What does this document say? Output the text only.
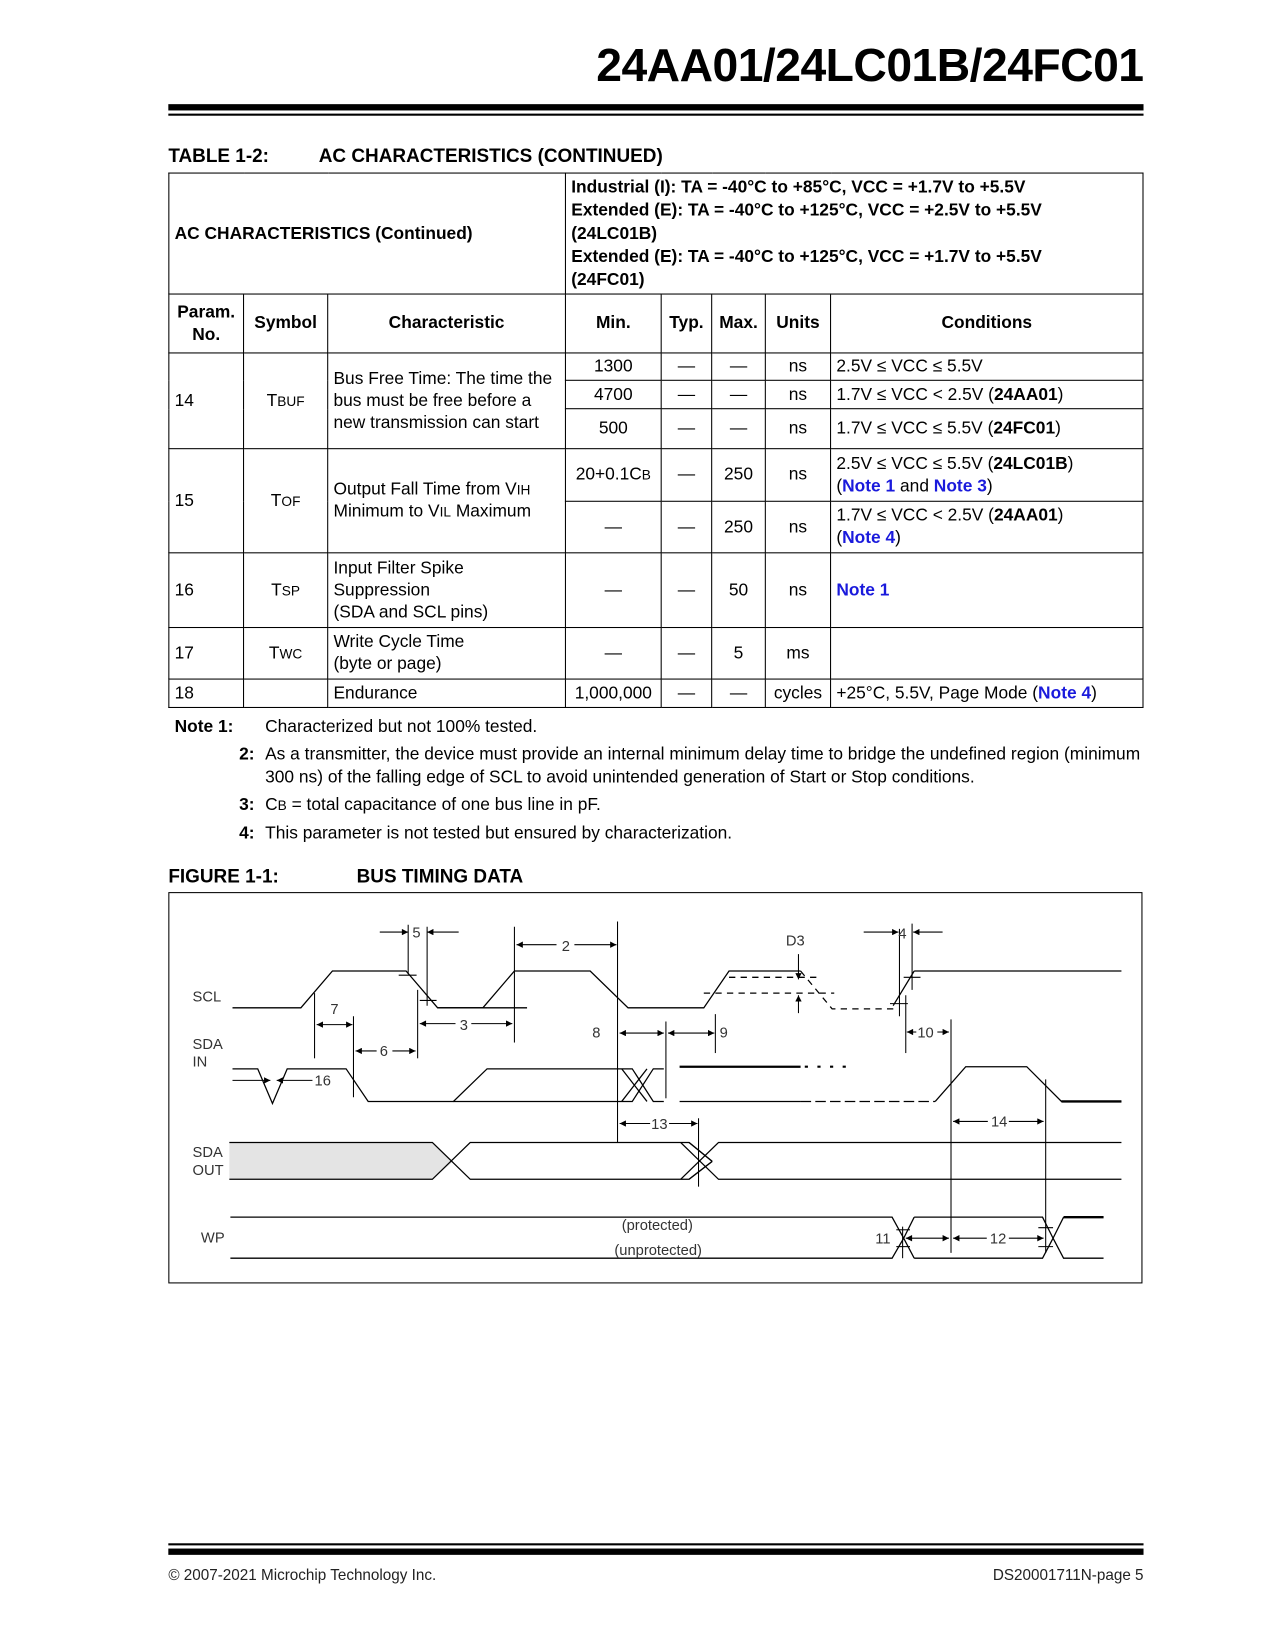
24AA01/24LC01B/24FC01
TABLE 1-2:	AC CHARACTERISTICS (CONTINUED)
AC CHARACTERISTICS (Continued)			Industrial (I): TA = -40°C to +85°C, VCC = +1.7V to +5.5V
Extended (E): TA = -40°C to +125°C, VCC = +2.5V to +5.5V
(24LC01B)
Extended (E): TA = -40°C to +125°C, VCC = +1.7V to +5.5V
(24FC01)				

Param.
No.	Symbol	Characteristic	Min.	Typ.	Max.	Units	Conditions
14	TBUF	Bus Free Time: The time the bus must be free before a new transmission can start	1300	—	—	ns	2.5V ≤ VCC ≤ 5.5V
			4700	—	—	ns	1.7V ≤ VCC < 2.5V (24AA01)
			500	—	—	ns	1.7V ≤ VCC ≤ 5.5V (24FC01)
15	TOF	Output Fall Time from VIH
Minimum to VIL Maximum	20+0.1CB	—	250	ns	2.5V ≤ VCC ≤ 5.5V (24LC01B)
(Note 1 and Note 3)
			—	—	250	ns	1.7V ≤ VCC < 2.5V (24AA01)
(Note 4)
16	TSP	Input Filter Spike
Suppression
(SDA and SCL pins)	—	—	50	ns	Note 1
17	TWC	Write Cycle Time
(byte or page)	—	—	5	ms	
18		Endurance	1,000,000	—	—	cycles	+25°C, 5.5V, Page Mode (Note 4)
Note 1:	Characterized but not 100% tested.
2: As a transmitter, the device must provide an internal minimum delay time to bridge the undefined region (minimum 300 ns) of the falling edge of SCL to avoid unintended generation of Start or Stop conditions.
3: CB = total capacitance of one bus line in pF.
4: This parameter is not tested but ensured by characterization.
FIGURE 1-1:	BUS TIMING DATA
SCL
SDA
IN
SDA
OUT
WP
(protected)
(unprotected)
2
3
4
5
6
7
8	9	10
11	12
13	14
16
D3
© 2007-2021 Microchip Technology Inc.	DS20001711N-page 5
